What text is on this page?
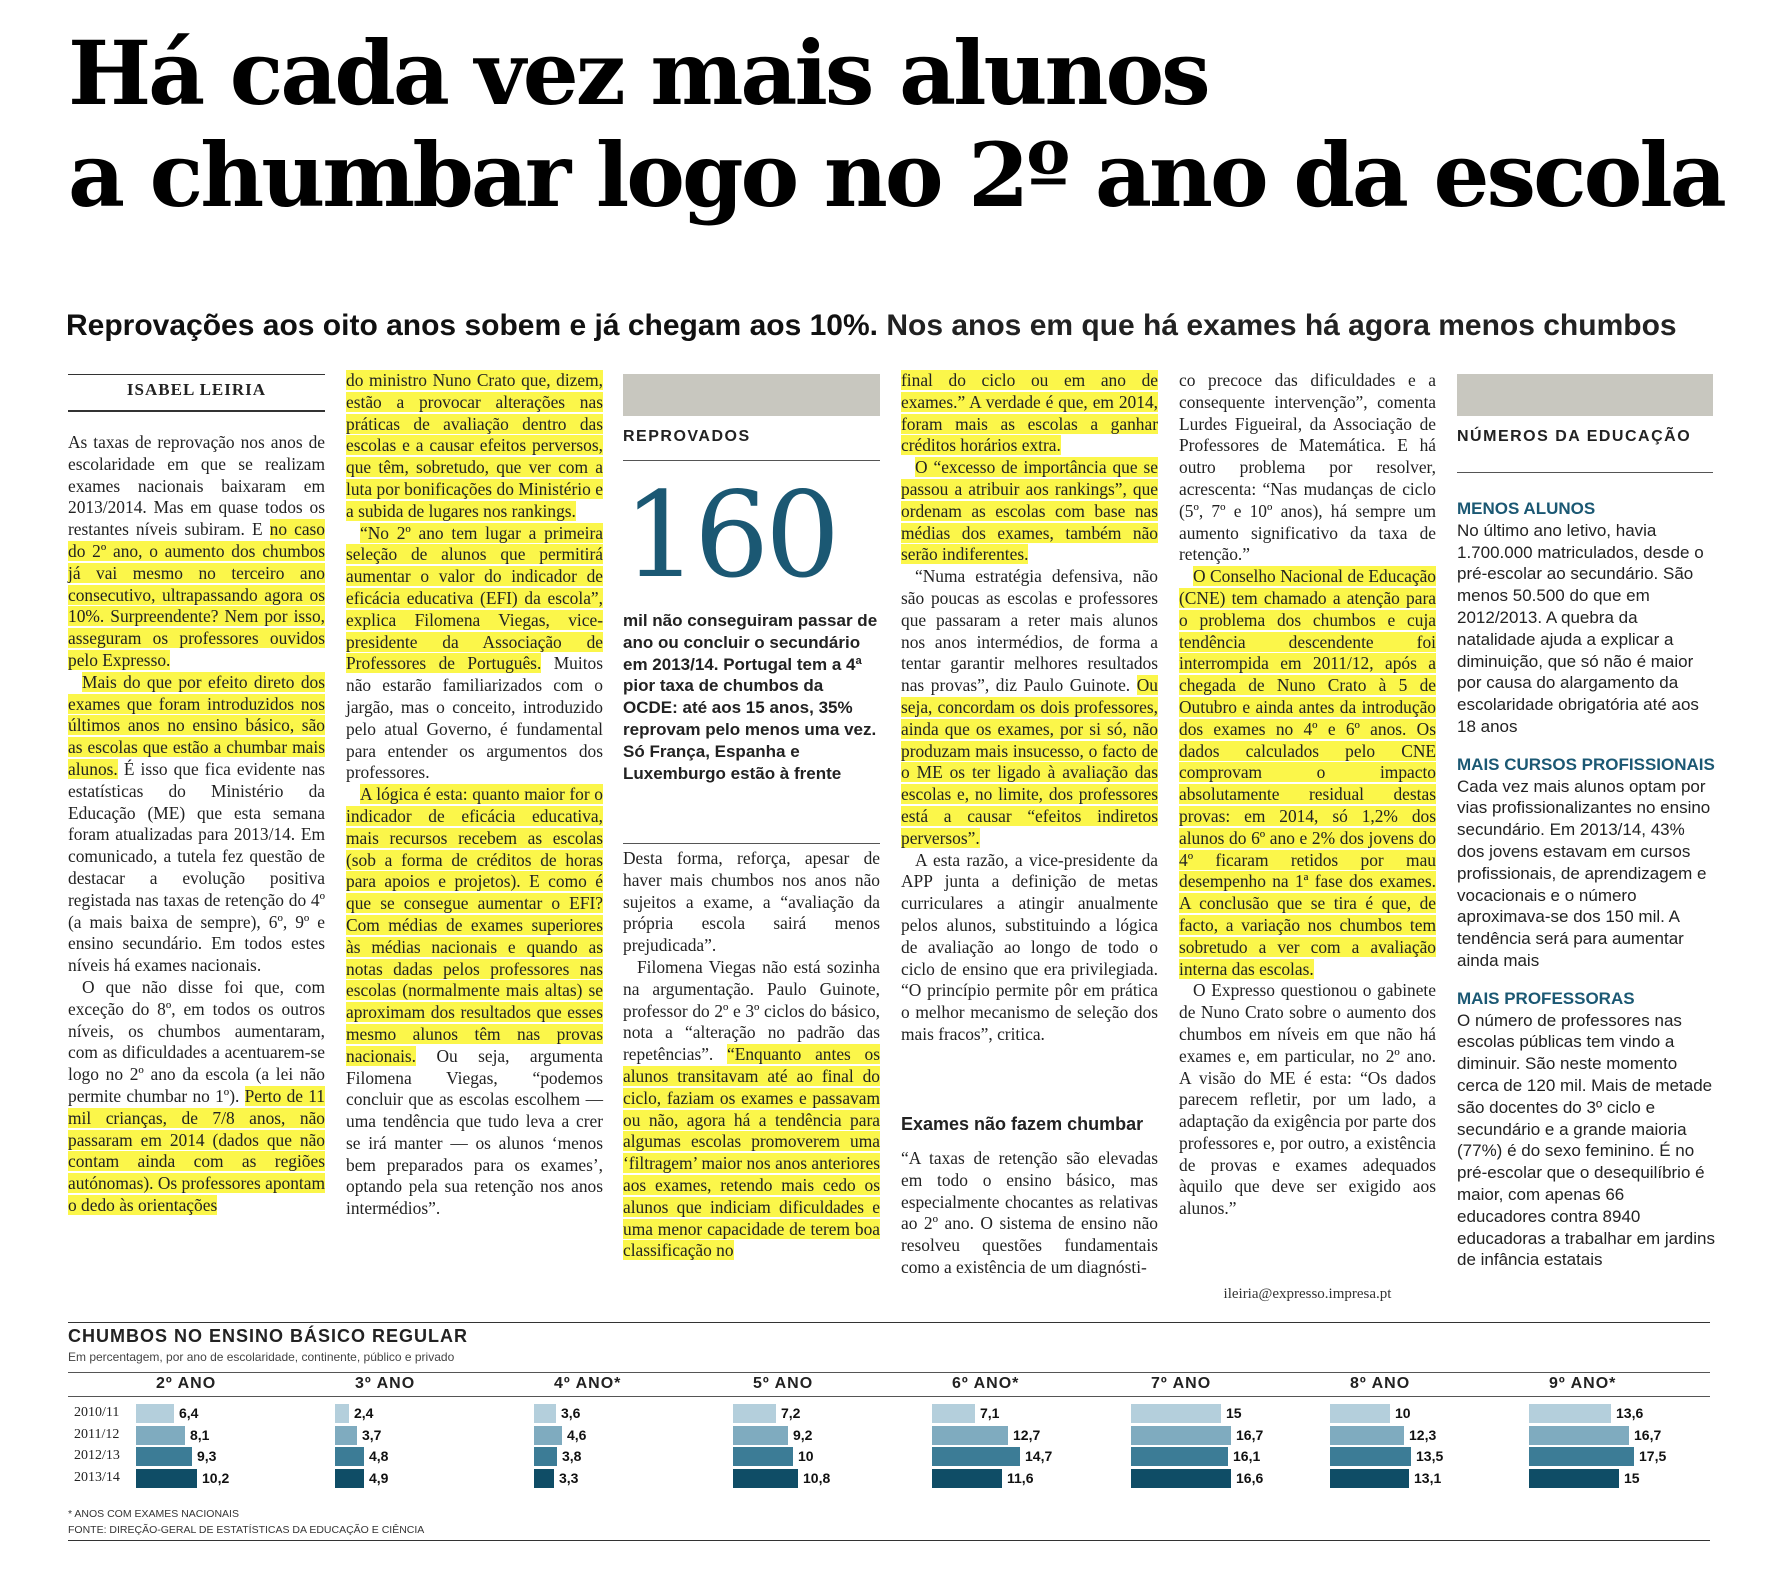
Há cada vez mais alunos
a chumbar logo no 2º ano da escola
Reprovações aos oito anos sobem e já chegam aos 10%. Nos anos em que há exames há agora menos chumbos
ISABEL LEIRIA

As taxas de reprovação nos anos de escolaridade em que se realizam exames nacionais baixaram em 2013/2014. Mas em quase todos os restantes níveis subiram. E no caso do 2º ano, o aumento dos chumbos já vai mesmo no terceiro ano consecutivo, ultrapassando agora os 10%. Surpreendente? Nem por isso, asseguram os professores ouvidos pelo Expresso.

Mais do que por efeito direto dos exames que foram introduzidos nos últimos anos no ensino básico, são as escolas que estão a chumbar mais alunos. É isso que fica evidente nas estatísticas do Ministério da Educação (ME) que esta semana foram atualizadas para 2013/14. Em comunicado, a tutela fez questão de destacar a evolução positiva registada nas taxas de retenção do 4º (a mais baixa de sempre), 6º, 9º e ensino secundário. Em todos estes níveis há exames nacionais.

O que não disse foi que, com exceção do 8º, em todos os outros níveis, os chumbos aumentaram, com as dificuldades a acentuarem-se logo no 2º ano da escola (a lei não permite chumbar no 1º). Perto de 11 mil crianças, de 7/8 anos, não passaram em 2014 (dados que não contam ainda com as regiões autónomas). Os professores apontam o dedo às orientações

do ministro Nuno Crato que, dizem, estão a provocar alterações nas práticas de avaliação dentro das escolas e a causar efeitos perversos, que têm, sobretudo, que ver com a luta por bonificações do Ministério e a subida de lugares nos rankings.

“No 2º ano tem lugar a primeira seleção de alunos que permitirá aumentar o valor do indicador de eficácia educativa (EFI) da escola”, explica Filomena Viegas, vice-presidente da Associação de Professores de Português. Muitos não estarão familiarizados com o jargão, mas o conceito, introduzido pelo atual Governo, é fundamental para entender os argumentos dos professores.

A lógica é esta: quanto maior for o indicador de eficácia educativa, mais recursos recebem as escolas (sob a forma de créditos de horas para apoios e projetos). E como é que se consegue aumentar o EFI? Com médias de exames superiores às médias nacionais e quando as notas dadas pelos professores nas escolas (normalmente mais altas) se aproximam dos resultados que esses mesmo alunos têm nas provas nacionais. Ou seja, argumenta Filomena Viegas, “podemos concluir que as escolas escolhem — uma tendência que tudo leva a crer se irá manter — os alunos ‘menos bem preparados para os exames’, optando pela sua retenção nos anos intermédios”.

REPROVADOS
160
mil não conseguiram passar de ano ou concluir o secundário em 2013/14. Portugal tem a 4ª pior taxa de chumbos da OCDE: até aos 15 anos, 35% reprovam pelo menos uma vez. Só França, Espanha e Luxemburgo estão à frente

Desta forma, reforça, apesar de haver mais chumbos nos anos não sujeitos a exame, a “avaliação da própria escola sairá menos prejudicada”.

Filomena Viegas não está sozinha na argumentação. Paulo Guinote, professor do 2º e 3º ciclos do básico, nota a “alteração no padrão das repetências”. “Enquanto antes os alunos transitavam até ao final do ciclo, faziam os exames e passavam ou não, agora há a tendência para algumas escolas promoverem uma ‘filtragem’ maior nos anos anteriores aos exames, retendo mais cedo os alunos que indiciam dificuldades e uma menor capacidade de terem boa classificação no

final do ciclo ou em ano de exames.” A verdade é que, em 2014, foram mais as escolas a ganhar créditos horários extra.

O “excesso de importância que se passou a atribuir aos rankings”, que ordenam as escolas com base nas médias dos exames, também não serão indiferentes.

“Numa estratégia defensiva, não são poucas as escolas e professores que passaram a reter mais alunos nos anos intermédios, de forma a tentar garantir melhores resultados nas provas”, diz Paulo Guinote. Ou seja, concordam os dois professores, ainda que os exames, por si só, não produzam mais insucesso, o facto de o ME os ter ligado à avaliação das escolas e, no limite, dos professores está a causar “efeitos indiretos perversos”.

A esta razão, a vice-presidente da APP junta a definição de metas curriculares a atingir anualmente pelos alunos, substituindo a lógica de avaliação ao longo de todo o ciclo de ensino que era privilegiada. “O princípio permite pôr em prática o melhor mecanismo de seleção dos mais fracos”, critica.

Exames não fazem chumbar

“A taxas de retenção são elevadas em todo o ensino básico, mas especialmente chocantes as relativas ao 2º ano. O sistema de ensino não resolveu questões fundamentais como a existência de um diagnósti-

co precoce das dificuldades e a consequente intervenção”, comenta Lurdes Figueiral, da Associação de Professores de Matemática. E há outro problema por resolver, acrescenta: “Nas mudanças de ciclo (5º, 7º e 10º anos), há sempre um aumento significativo da taxa de retenção.”

O Conselho Nacional de Educação (CNE) tem chamado a atenção para o problema dos chumbos e cuja tendência descendente foi interrompida em 2011/12, após a chegada de Nuno Crato à 5 de Outubro e ainda antes da introdução dos exames no 4º e 6º anos. Os dados calculados pelo CNE comprovam o impacto absolutamente residual destas provas: em 2014, só 1,2% dos alunos do 6º ano e 2% dos jovens do 4º ficaram retidos por mau desempenho na 1ª fase dos exames. A conclusão que se tira é que, de facto, a variação nos chumbos tem sobretudo a ver com a avaliação interna das escolas.

O Expresso questionou o gabinete de Nuno Crato sobre o aumento dos chumbos em níveis em que não há exames e, em particular, no 2º ano. A visão do ME é esta: “Os dados parecem refletir, por um lado, a adaptação da exigência por parte dos professores e, por outro, a existência de provas e exames adequados àquilo que deve ser exigido aos alunos.”

ileiria@expresso.impresa.pt
NÚMEROS DA EDUCAÇÃO
MENOS ALUNOS
No último ano letivo, havia 1.700.000 matriculados, desde o pré-escolar ao secundário. São menos 50.500 do que em 2012/2013. A quebra da natalidade ajuda a explicar a diminuição, que só não é maior por causa do alargamento da escolaridade obrigatória até aos 18 anos
MAIS CURSOS PROFISSIONAIS
Cada vez mais alunos optam por vias profissionalizantes no ensino secundário. Em 2013/14, 43% dos jovens estavam em cursos profissionais, de aprendizagem e vocacionais e o número aproximava-se dos 150 mil. A tendência será para aumentar ainda mais
MAIS PROFESSORAS
O número de professores nas escolas públicas tem vindo a diminuir. São neste momento cerca de 120 mil. Mais de metade são docentes do 3º ciclo e secundário e a grande maioria (77%) é do sexo feminino. É no pré-escolar que o desequilíbrio é maior, com apenas 66 educadores contra 8940 educadoras a trabalhar em jardins de infância estatais
CHUMBOS NO ENSINO BÁSICO REGULAR
Em percentagem, por ano de escolaridade, continente, público e privado
2010/11
2011/12
2012/13
2013/14
2º ANO
6,4
8,1
9,3
10,2
3º ANO
2,4
3,7
4,8
4,9
4º ANO*
3,6
4,6
3,8
3,3
5º ANO
7,2
9,2
10
10,8
6º ANO*
7,1
12,7
14,7
11,6
7º ANO
15
16,7
16,1
16,6
8º ANO
10
12,3
13,5
13,1
9º ANO*
13,6
16,7
17,5
15
* ANOS COM EXAMES NACIONAIS
FONTE: DIREÇÃO-GERAL DE ESTATÍSTICAS DA EDUCAÇÃO E CIÊNCIA
